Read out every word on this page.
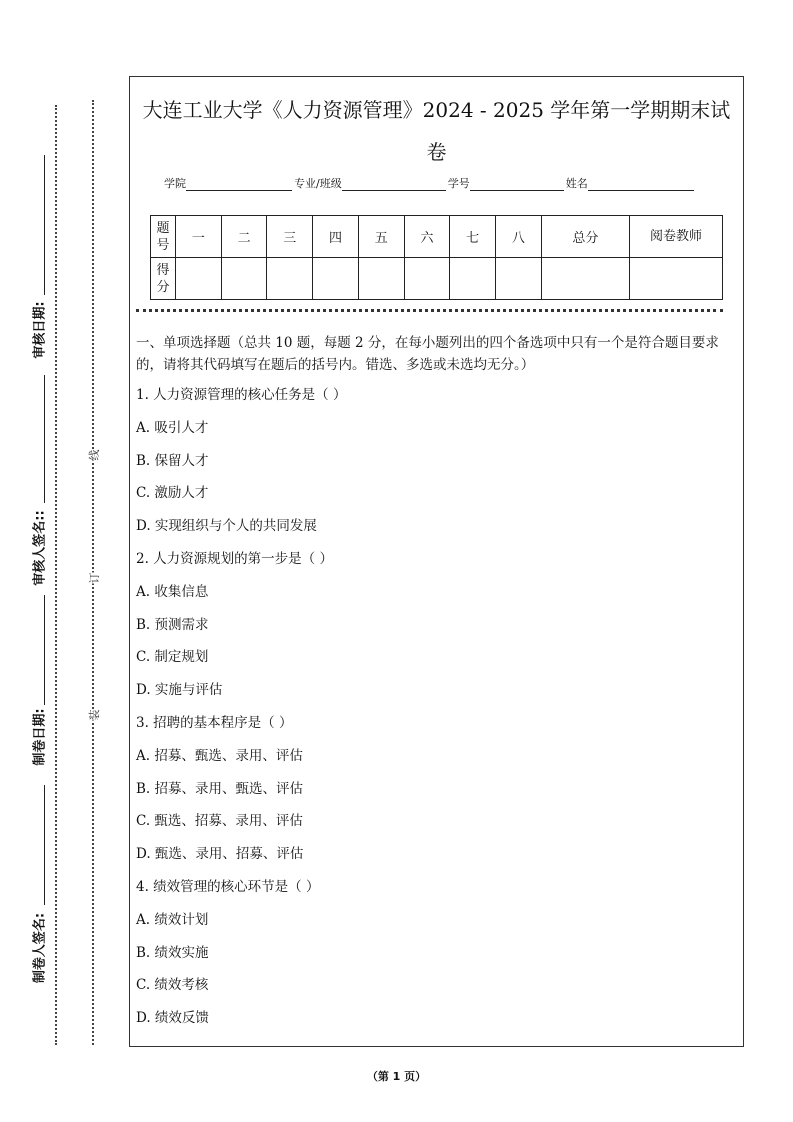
审核日期:
审核人签名::
制卷日期:
制卷人签名:
线
订
装
大连工业大学《人力资源管理》2024 - 2025 学年第一学期期末试卷
学院	专业/班级	学号	姓名
题号	一	二	三	四	五	六	七	八	总分	阅卷教师
得分										
一、单项选择题（总共 10 题，每题 2 分，在每小题列出的四个备选项中只有一个是符合题目要求的，请将其代码填写在题后的括号内。错选、多选或未选均无分。）
1. 人力资源管理的核心任务是（ ）
A. 吸引人才
B. 保留人才
C. 激励人才
D. 实现组织与个人的共同发展
2. 人力资源规划的第一步是（ ）
A. 收集信息
B. 预测需求
C. 制定规划
D. 实施与评估
3. 招聘的基本程序是（ ）
A. 招募、甄选、录用、评估
B. 招募、录用、甄选、评估
C. 甄选、招募、录用、评估
D. 甄选、录用、招募、评估
4. 绩效管理的核心环节是（ ）
A. 绩效计划
B. 绩效实施
C. 绩效考核
D. 绩效反馈
（第 1 页）
